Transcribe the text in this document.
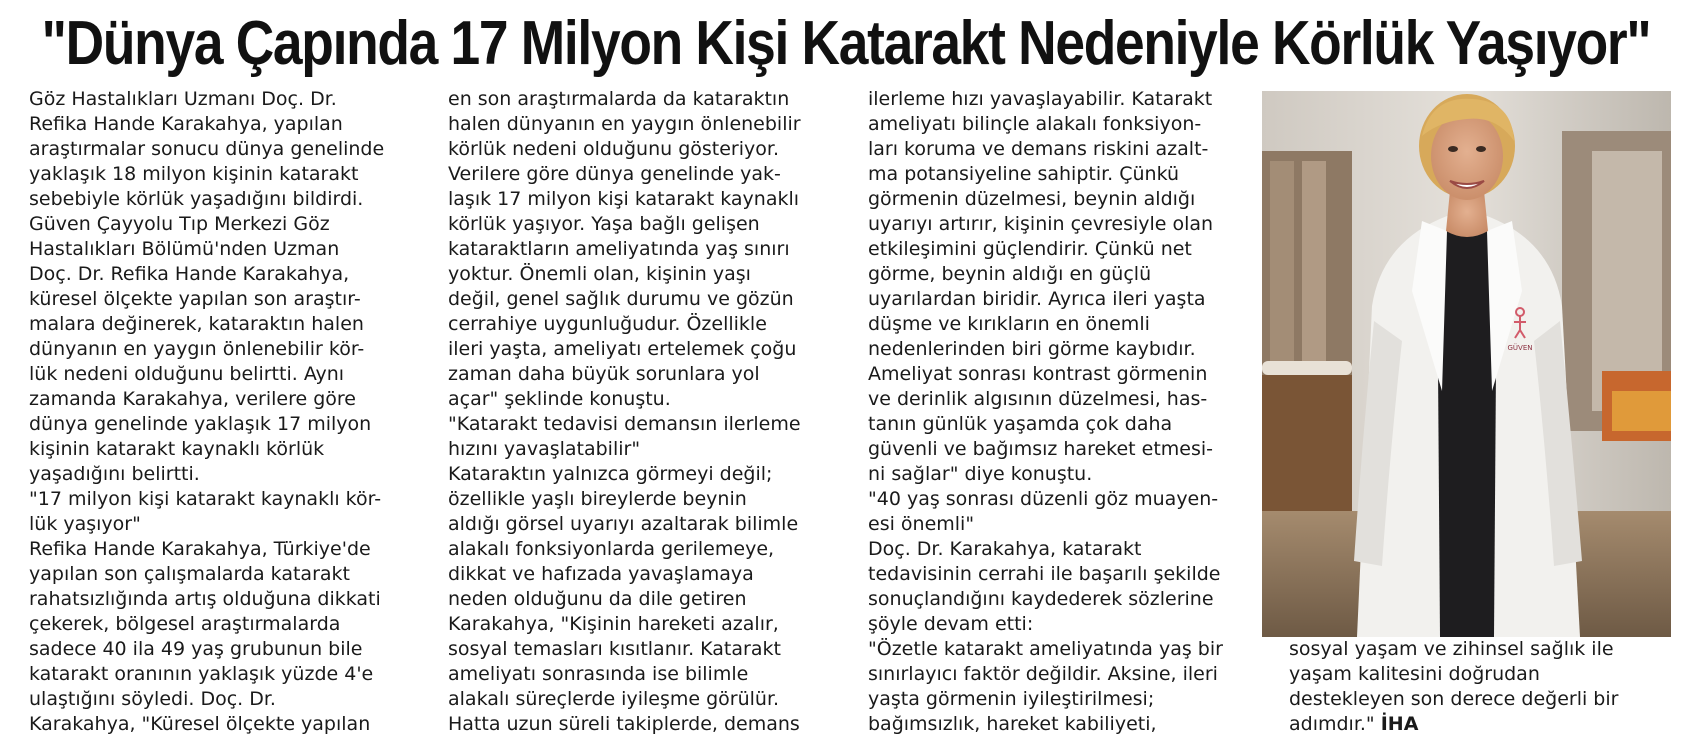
"Dünya Çapında 17 Milyon Kişi Katarakt Nedeniyle Körlük Yaşıyor"
Göz Hastalıkları Uzmanı Doç. Dr.
Refika Hande Karakahya, yapılan
araştırmalar sonucu dünya genelinde
yaklaşık 18 milyon kişinin katarakt
sebebiyle körlük yaşadığını bildirdi.
Güven Çayyolu Tıp Merkezi Göz
Hastalıkları Bölümü'nden Uzman
Doç. Dr. Refika Hande Karakahya,
küresel ölçekte yapılan son araştır-
malara değinerek, kataraktın halen
dünyanın en yaygın önlenebilir kör-
lük nedeni olduğunu belirtti. Aynı
zamanda Karakahya, verilere göre
dünya genelinde yaklaşık 17 milyon
kişinin katarakt kaynaklı körlük
yaşadığını belirtti.
"17 milyon kişi katarakt kaynaklı kör-
lük yaşıyor"
Refika Hande Karakahya, Türkiye'de
yapılan son çalışmalarda katarakt
rahatsızlığında artış olduğuna dikkati
çekerek, bölgesel araştırmalarda
sadece 40 ila 49 yaş grubunun bile
katarakt oranının yaklaşık yüzde 4'e
ulaştığını söyledi. Doç. Dr.
Karakahya, "Küresel ölçekte yapılan
en son araştırmalarda da kataraktın
halen dünyanın en yaygın önlenebilir
körlük nedeni olduğunu gösteriyor.
Verilere göre dünya genelinde yak-
laşık 17 milyon kişi katarakt kaynaklı
körlük yaşıyor. Yaşa bağlı gelişen
kataraktların ameliyatında yaş sınırı
yoktur. Önemli olan, kişinin yaşı
değil, genel sağlık durumu ve gözün
cerrahiye uygunluğudur. Özellikle
ileri yaşta, ameliyatı ertelemek çoğu
zaman daha büyük sorunlara yol
açar" şeklinde konuştu.
"Katarakt tedavisi demansın ilerleme
hızını yavaşlatabilir"
Kataraktın yalnızca görmeyi değil;
özellikle yaşlı bireylerde beynin
aldığı görsel uyarıyı azaltarak bilimle
alakalı fonksiyonlarda gerilemeye,
dikkat ve hafızada yavaşlamaya
neden olduğunu da dile getiren
Karakahya, "Kişinin hareketi azalır,
sosyal temasları kısıtlanır. Katarakt
ameliyatı sonrasında ise bilimle
alakalı süreçlerde iyileşme görülür.
Hatta uzun süreli takiplerde, demans
ilerleme hızı yavaşlayabilir. Katarakt
ameliyatı bilinçle alakalı fonksiyon-
ları koruma ve demans riskini azalt-
ma potansiyeline sahiptir. Çünkü
görmenin düzelmesi, beynin aldığı
uyarıyı artırır, kişinin çevresiyle olan
etkileşimini güçlendirir. Çünkü net
görme, beynin aldığı en güçlü
uyarılardan biridir. Ayrıca ileri yaşta
düşme ve kırıkların en önemli
nedenlerinden biri görme kaybıdır.
Ameliyat sonrası kontrast görmenin
ve derinlik algısının düzelmesi, has-
tanın günlük yaşamda çok daha
güvenli ve bağımsız hareket etmesi-
ni sağlar" diye konuştu.
"40 yaş sonrası düzenli göz muayen-
esi önemli"
Doç. Dr. Karakahya, katarakt
tedavisinin cerrahi ile başarılı şekilde
sonuçlandığını kaydederek sözlerine
şöyle devam etti:
"Özetle katarakt ameliyatında yaş bir
sınırlayıcı faktör değildir. Aksine, ileri
yaşta görmenin iyileştirilmesi;
bağımsızlık, hareket kabiliyeti,
GÜVEN
sosyal yaşam ve zihinsel sağlık ile
yaşam kalitesini doğrudan
destekleyen son derece değerli bir
adımdır." İHA
